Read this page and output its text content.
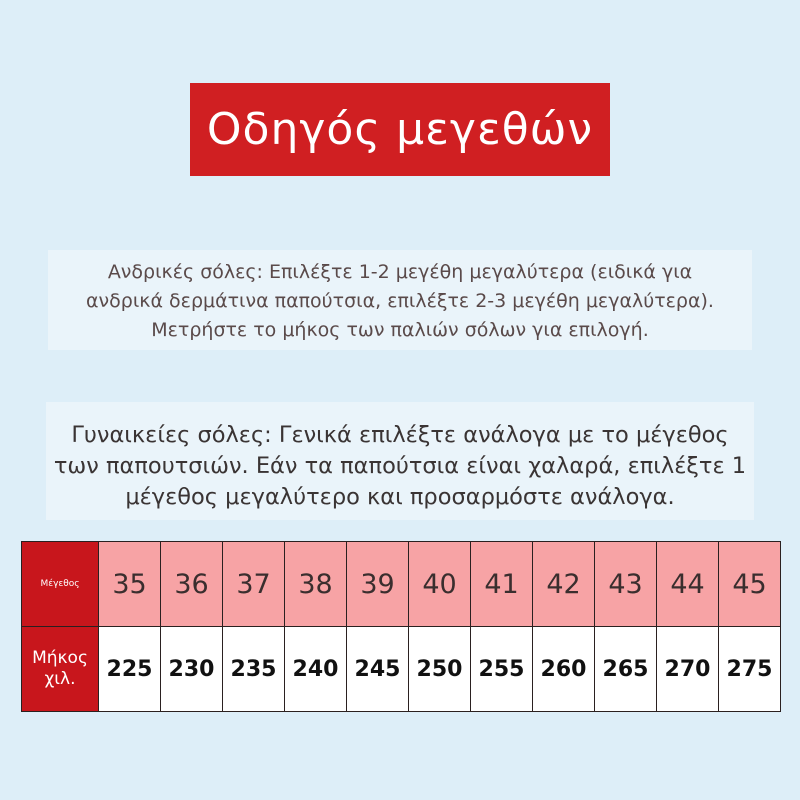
Οδηγός μεγεθών
Ανδρικές σόλες: Επιλέξτε 1-2 μεγέθη μεγαλύτερα (ειδικά για
ανδρικά δερμάτινα παπούτσια, επιλέξτε 2-3 μεγέθη μεγαλύτερα).
Μετρήστε το μήκος των παλιών σόλων για επιλογή.
Γυναικείες σόλες: Γενικά επιλέξτε ανάλογα με το μέγεθος
των παπουτσιών. Εάν τα παπούτσια είναι χαλαρά, επιλέξτε 1
μέγεθος μεγαλύτερο και προσαρμόστε ανάλογα.
Μέγεθος	35	36	37	38	39	40	41	42	43	44	45

Μήκος
χιλ.	225	230	235	240	245	250	255	260	265	270	275
